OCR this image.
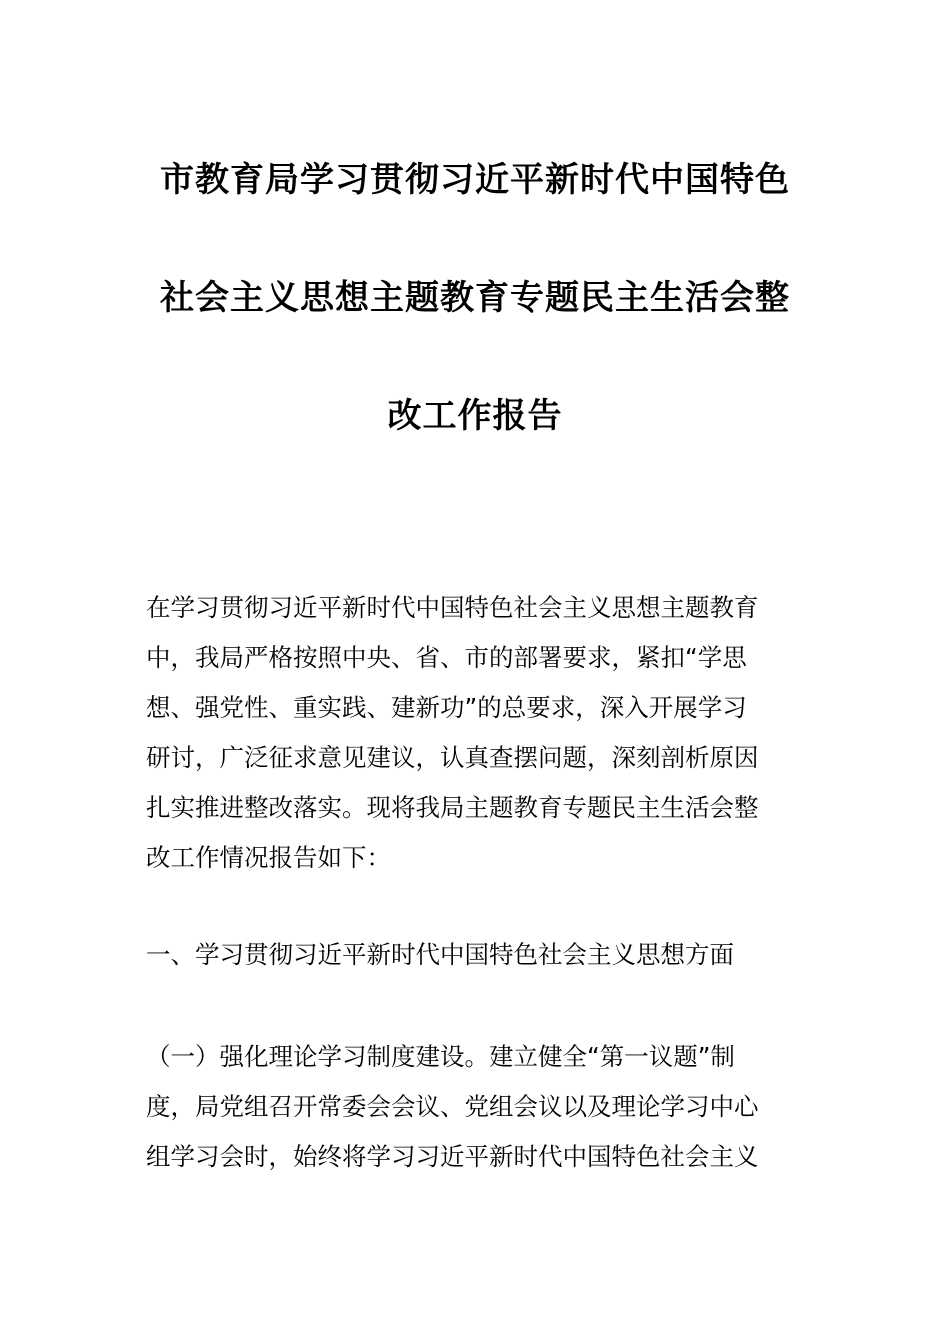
市教育局学习贯彻习近平新时代中国特色
社会主义思想主题教育专题民主生活会整
改工作报告
在学习贯彻习近平新时代中国特色社会主义思想主题教育
中，我局严格按照中央、省、市的部署要求，紧扣“学思
想、强党性、重实践、建新功”的总要求，深入开展学习
研讨，广泛征求意见建议，认真查摆问题，深刻剖析原因
扎实推进整改落实。现将我局主题教育专题民主生活会整
改工作情况报告如下：
一、学习贯彻习近平新时代中国特色社会主义思想方面
（一）强化理论学习制度建设。建立健全“第一议题”制
度，局党组召开常委会会议、党组会议以及理论学习中心
组学习会时，始终将学习习近平新时代中国特色社会主义
